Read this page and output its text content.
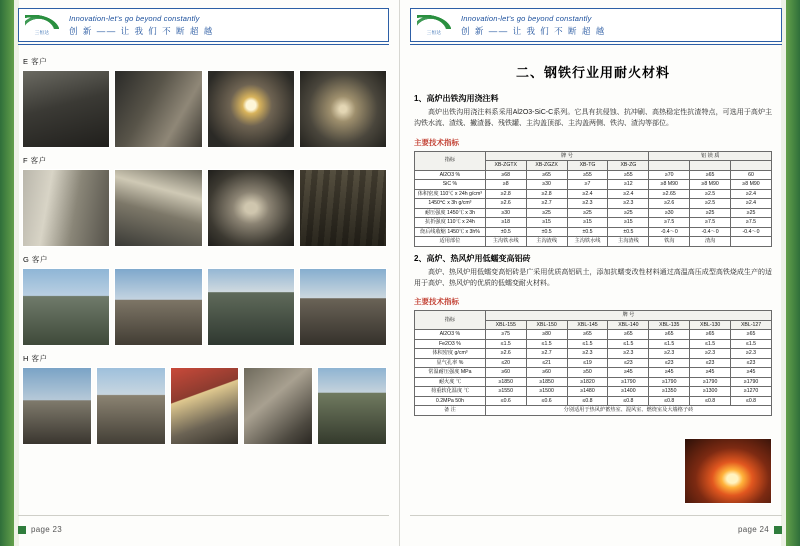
三恒达
Innovation-let's go beyond constantly
创 新 —— 让 我 们 不 断 超 越
E 客户
F 客户
G 客户
H 客户
page 23
三恒达
Innovation-let's go beyond constantly
创 新 —— 让 我 们 不 断 超 越
二、钢铁行业用耐火材料
1、高炉出铁沟用浇注料
高炉出铁沟用浇注料系采用Al2O3-SiC-C系列。它具有抗侵蚀、抗冲刷、高热稳定性抗渣特点，可选用于高炉主沟铁水流、渣线、撇渣器、残铁罐、主沟盖顶部、主沟盖两侧、铁沟、渣沟等部位。
主要技术指标
指标	牌 号				铝 镁 质		
	XB-ZGTX	XB-ZGZX	XB-TG	XB-ZG			
Al2O3 %	≥68	≥65	≥55	≥55	≥70	≥65	60
SiC %	≥8	≥30	≥7	≥12	≥8 M90	≥8 M90	≥8 M90
体积密度 110℃ x 24h g/cm³	≥2.8	≥2.8	≥2.4	≥2.4	≥2.65	≥2.5	≥2.4
1450℃ x 3h g/cm³	≥2.6	≥2.7	≥2.3	≥2.3	≥2.6	≥2.5	≥2.4
耐压强度 1450℃ x 3h	≥30	≥25	≥25	≥25	≥30	≥25	≥25
抗折强度 110℃ x 24h	≥18	≥15	≥15	≥15	≥7.5	≥7.5	≥7.5
烧后线收缩 1450℃ x 3h%	±0.5	±0.5	±0.5	±0.5	-0.4～0	-0.4～0	-0.4～0
适用部位	主沟铁水线	主沟渣线	主沟铁水线	主沟渣线	铁沟	渣沟	
2、高炉、热风炉用低蠕变高铝砖
高炉、热风炉用低蠕变高铝砖是广采用优质高铝矾土，添加抗蠕变改性材料通过高温高压成型高铁烧成生产的适用于高炉、热风炉的优质的低蠕变耐火材料。
主要技术指标
指标	牌 号						
	XBL-155	XBL-150	XBL-145	XBL-140	XBL-135	XBL-130	XBL-127
Al2O3 %	≥75	≥80	≥65	≥65	≥65	≥65	≥65
Fe2O3 %	≤1.5	≤1.5	≤1.5	≤1.5	≤1.5	≤1.5	≤1.5
体积密度 g/cm³	≥2.6	≥2.7	≥2.3	≥2.3	≥2.3	≥2.3	≥2.3
显气孔率 %	≤20	≤21	≤19	≤23	≤23	≤23	≤23
常温耐压强度 MPa	≥60	≥60	≥50	≥45	≥45	≥45	≥45
耐火度 ℃	≥1850	≥1850	≥1820	≥1790	≥1790	≥1790	≥1790
荷重软化温度 ℃	≥1550	≥1500	≥1480	≥1400	≥1350	≥1300	≥1270
0.2MPa 50h	≤0.6	≤0.6	≤0.8	≤0.8	≤0.8	≤0.8	≤0.8
备 注	分别适用于热风炉蓄热室、混风室、燃烧室及大墙格子砖						
page 24
